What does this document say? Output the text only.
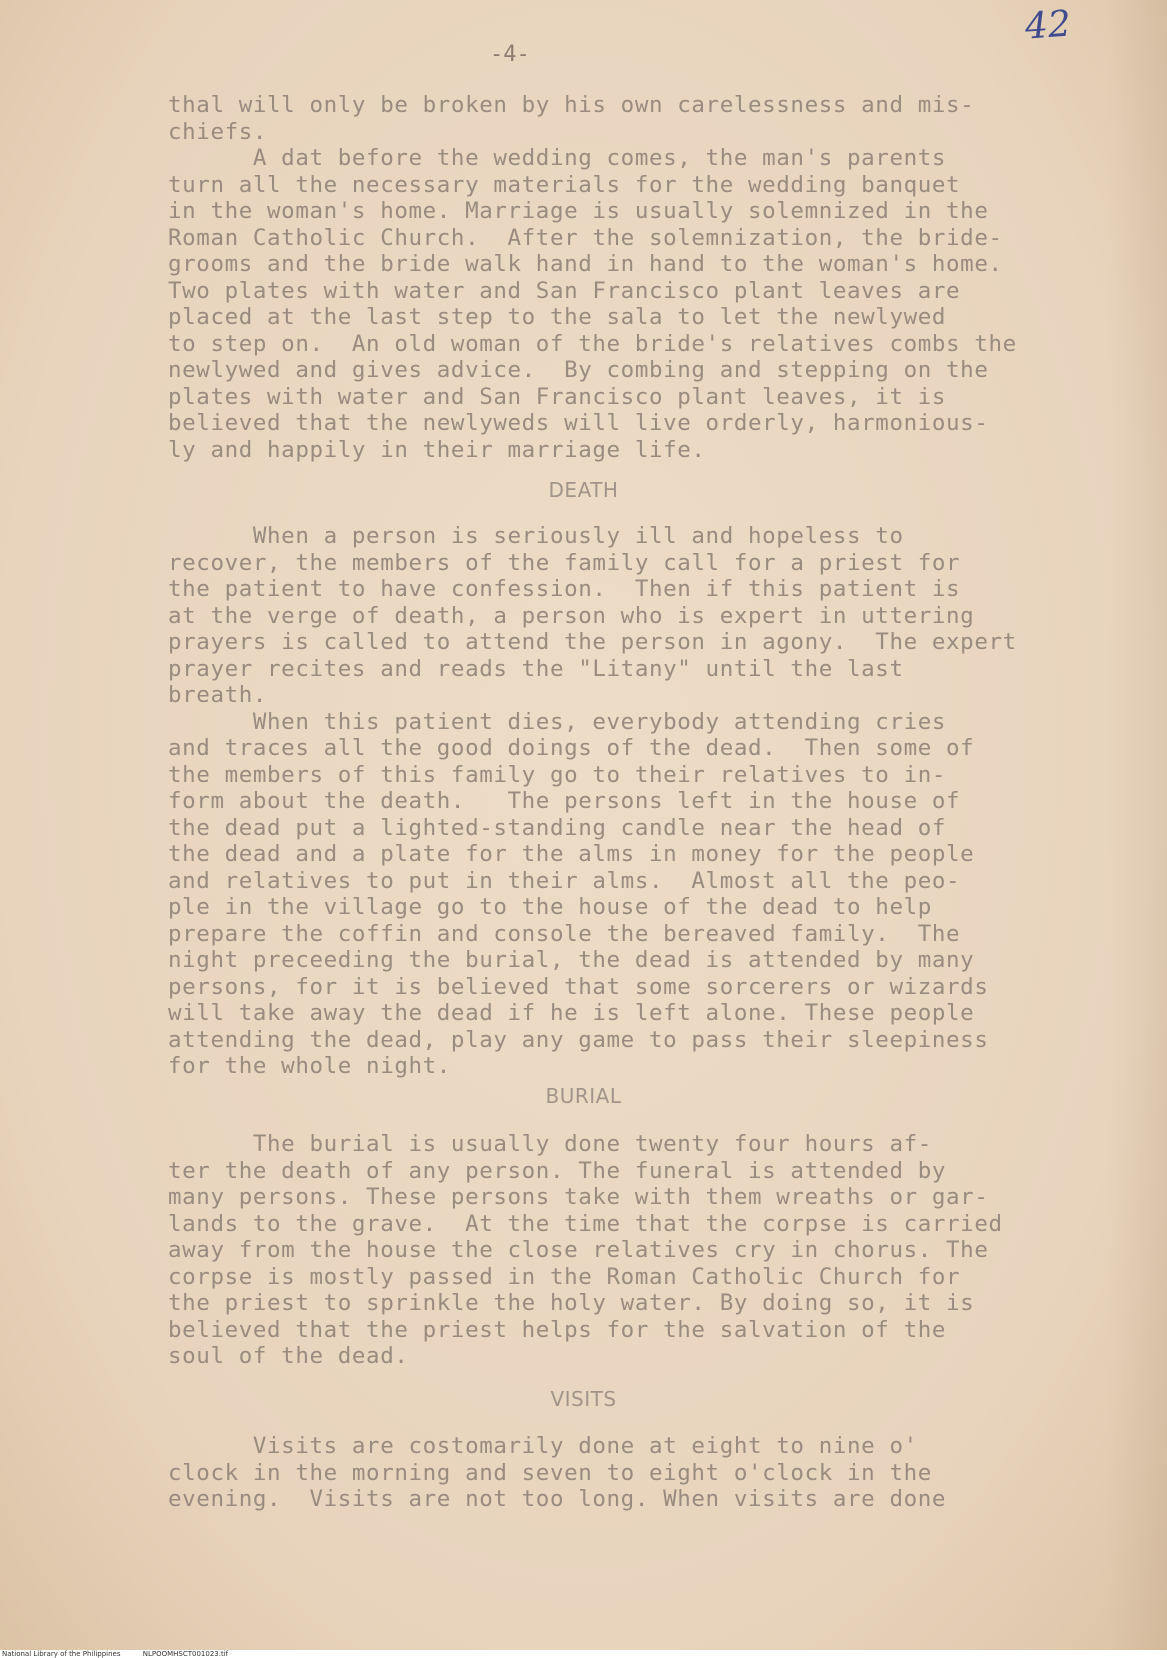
42
-4-
thal will only be broken by his own carelessness and mis-
chiefs.
A dat before the wedding comes, the man's parents
turn all the necessary materials for the wedding banquet
in the woman's home. Marriage is usually solemnized in the
Roman Catholic Church.  After the solemnization, the bride-
grooms and the bride walk hand in hand to the woman's home.
Two plates with water and San Francisco plant leaves are
placed at the last step to the sala to let the newlywed
to step on.  An old woman of the bride's relatives combs the
newlywed and gives advice.  By combing and stepping on the
plates with water and San Francisco plant leaves, it is
believed that the newlyweds will live orderly, harmonious-
ly and happily in their marriage life.
DEATH
When a person is seriously ill and hopeless to
recover, the members of the family call for a priest for
the patient to have confession.  Then if this patient is
at the verge of death, a person who is expert in uttering
prayers is called to attend the person in agony.  The expert
prayer recites and reads the "Litany" until the last
breath.
When this patient dies, everybody attending cries
and traces all the good doings of the dead.  Then some of
the members of this family go to their relatives to in-
form about the death.   The persons left in the house of
the dead put a lighted-standing candle near the head of
the dead and a plate for the alms in money for the people
and relatives to put in their alms.  Almost all the peo-
ple in the village go to the house of the dead to help
prepare the coffin and console the bereaved family.  The
night preceeding the burial, the dead is attended by many
persons, for it is believed that some sorcerers or wizards
will take away the dead if he is left alone. These people
attending the dead, play any game to pass their sleepiness
for the whole night.
BURIAL
The burial is usually done twenty four hours af-
ter the death of any person. The funeral is attended by
many persons. These persons take with them wreaths or gar-
lands to the grave.  At the time that the corpse is carried
away from the house the close relatives cry in chorus. The
corpse is mostly passed in the Roman Catholic Church for
the priest to sprinkle the holy water. By doing so, it is
believed that the priest helps for the salvation of the
soul of the dead.
VISITS
Visits are costomarily done at eight to nine o'
clock in the morning and seven to eight o'clock in the
evening.  Visits are not too long. When visits are done
National Library of the Philippines	NLPOOMHSCT001023.tif
